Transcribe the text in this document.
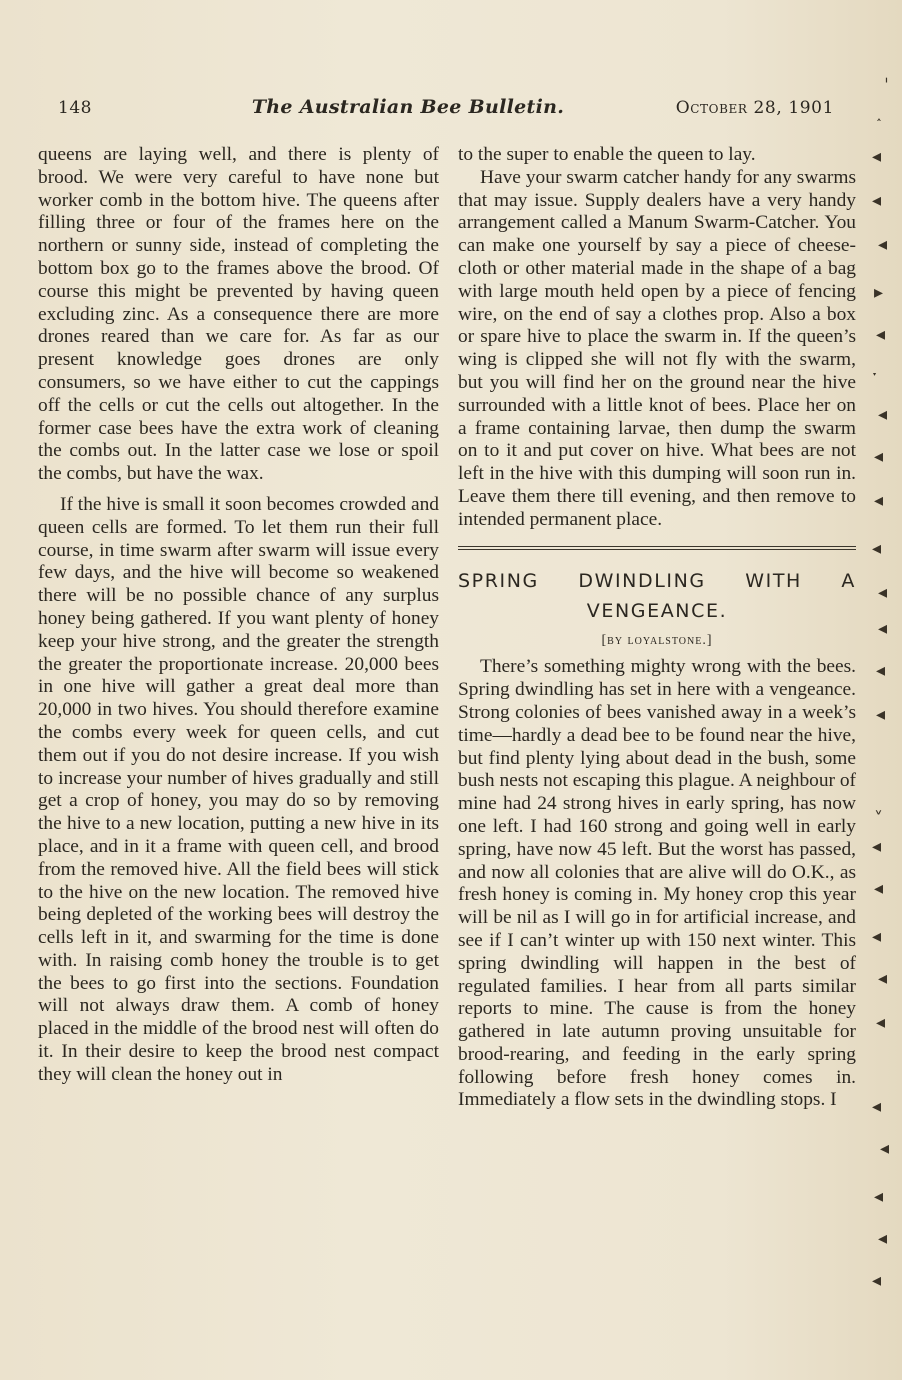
148	The Australian Bee Bulletin.	October 28, 1901

queens are laying well, and there is plenty of brood. We were very careful to have none but worker comb in the bottom hive. The queens after filling three or four of the frames here on the northern or sunny side, instead of completing the bottom box go to the frames above the brood. Of course this might be prevented by having queen excluding zinc. As a consequence there are more drones reared than we care for. As far as our present knowledge goes drones are only consumers, so we have either to cut the cappings off the cells or cut the cells out altogether. In the former case bees have the extra work of cleaning the combs out. In the latter case we lose or spoil the combs, but have the wax.

If the hive is small it soon becomes crowded and queen cells are formed. To let them run their full course, in time swarm after swarm will issue every few days, and the hive will become so weakened there will be no possible chance of any surplus honey being gathered. If you want plenty of honey keep your hive strong, and the greater the strength the greater the proportionate increase. 20,000 bees in one hive will gather a great deal more than 20,000 in two hives. You should therefore examine the combs every week for queen cells, and cut them out if you do not desire increase. If you wish to increase your number of hives gradually and still get a crop of honey, you may do so by removing the hive to a new location, putting a new hive in its place, and in it a frame with queen cell, and brood from the removed hive. All the field bees will stick to the hive on the new location. The removed hive being depleted of the working bees will destroy the cells left in it, and swarming for the time is done with. In raising comb honey the trouble is to get the bees to go first into the sections. Foundation will not always draw them. A comb of honey placed in the middle of the brood nest will often do it. In their desire to keep the brood nest compact they will clean the honey out in

to the super to enable the queen to lay.

Have your swarm catcher handy for any swarms that may issue. Supply dealers have a very handy arrangement called a Manum Swarm-Catcher. You can make one yourself by say a piece of cheese-cloth or other material made in the shape of a bag with large mouth held open by a piece of fencing wire, on the end of say a clothes prop. Also a box or spare hive to place the swarm in. If the queen’s wing is clipped she will not fly with the swarm, but you will find her on the ground near the hive surrounded with a little knot of bees. Place her on a frame containing larvae, then dump the swarm on to it and put cover on hive. What bees are not left in the hive with this dumping will soon run in. Leave them there till evening, and then remove to intended permanent place.

SPRING DWINDLING WITH A
VENGEANCE.
[by loyalstone.]

There’s something mighty wrong with the bees. Spring dwindling has set in here with a vengeance. Strong colonies of bees vanished away in a week’s time—hardly a dead bee to be found near the hive, but find plenty lying about dead in the bush, some bush nests not escaping this plague. A neighbour of mine had 24 strong hives in early spring, has now one left. I had 160 strong and going well in early spring, have now 45 left. But the worst has passed, and now all colonies that are alive will do O.K., as fresh honey is coming in. My honey crop this year will be nil as I will go in for artificial increase, and see if I can’t winter up with 150 next winter. This spring dwindling will happen in the best of regulated families. I hear from all parts similar reports to mine. The cause is from the honey gathered in late autumn proving unsuitable for brood-rearing, and feeding in the early spring following before fresh honey comes in. Immediately a flow sets in the dwindling stops. I

ˌ
˰
◂
◂
◂
▸
◂
ˑ
◂
◂
◂
◂
◂
◂
◂
◂
ˬ
◂
◂
◂
◂
◂
◂
◂
◂
◂
◂
